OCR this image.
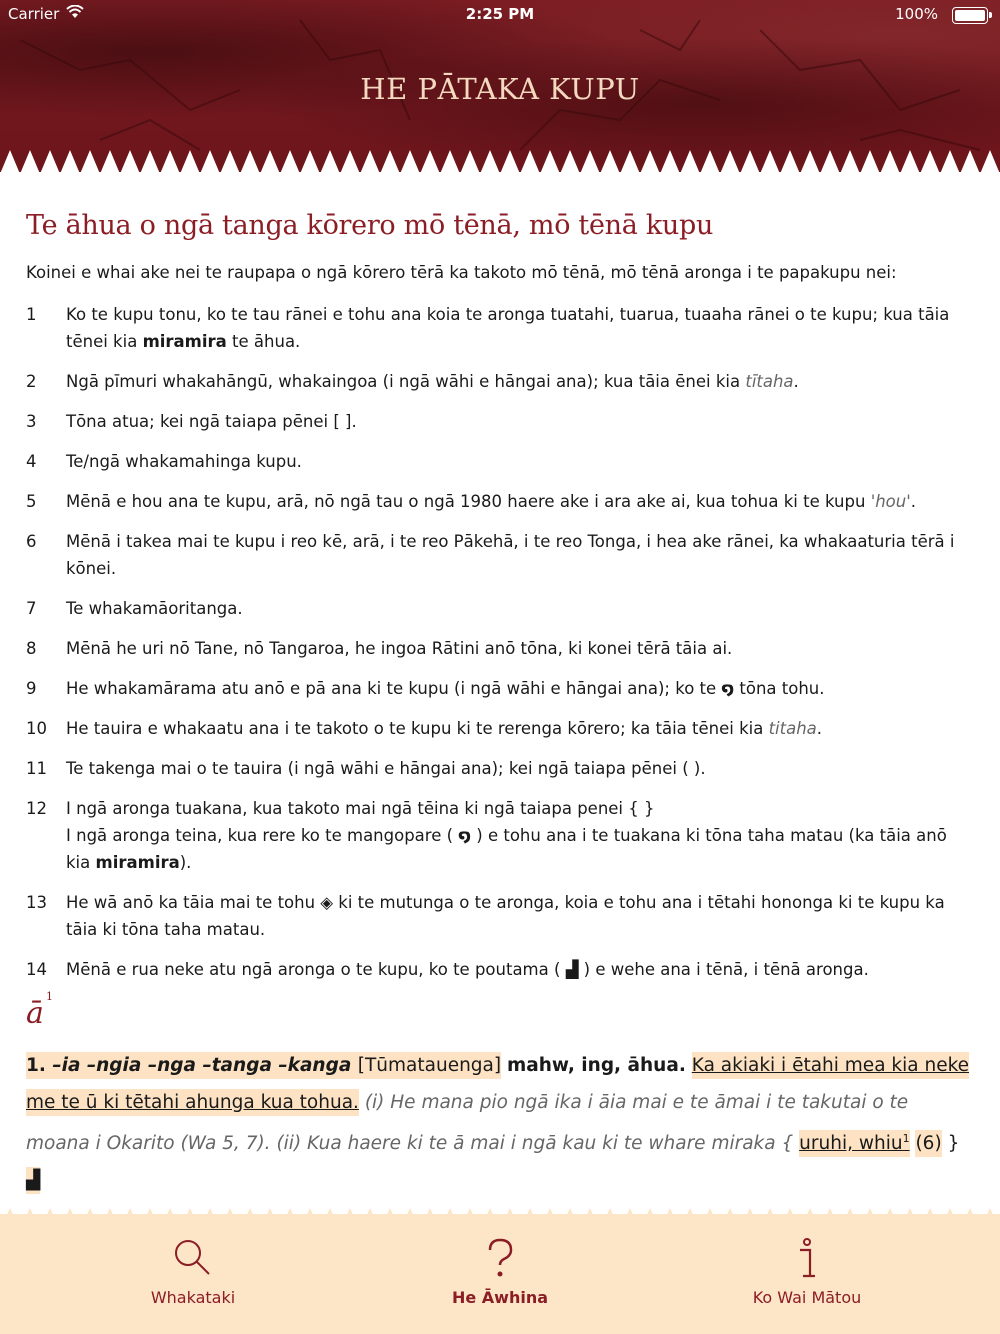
Carrier	2:25 PM	100%
HE PĀTAKA KUPU
Te āhua o ngā tanga kōrero mō tēnā, mō tēnā kupu

Koinei e whai ake nei te raupapa o ngā kōrero tērā ka takoto mō tēnā, mō tēnā aronga i te papakupu nei:

1 Ko te kupu tonu, ko te tau rānei e tohu ana koia te aronga tuatahi, tuarua, tuaaha rānei o te kupu; kua tāia tēnei kia miramira te āhua.
2 Ngā pīmuri whakahāngū, whakaingoa (i ngā wāhi e hāngai ana); kua tāia ēnei kia tītaha.
3 Tōna atua; kei ngā taiapa pēnei [ ].
4 Te/ngā whakamahinga kupu.
5 Mēnā e hou ana te kupu, arā, nō ngā tau o ngā 1980 haere ake i ara ake ai, kua tohua ki te kupu 'hou'.
6 Mēnā i takea mai te kupu i reo kē, arā, i te reo Pākehā, i te reo Tonga, i hea ake rānei, ka whakaaturia tērā i kōnei.
7 Te whakamāoritanga.
8 Mēnā he uri nō Tane, nō Tangaroa, he ingoa Rātini anō tōna, ki konei tērā tāia ai.
9 He whakamārama atu anō e pā ana ki te kupu (i ngā wāhi e hāngai ana); ko te ໑ tōna tohu.
10 He tauira e whakaatu ana i te takoto o te kupu ki te rerenga kōrero; ka tāia tēnei kia titaha.
11 Te takenga mai o te tauira (i ngā wāhi e hāngai ana); kei ngā taiapa pēnei ( ).
12 I ngā aronga tuakana, kua takoto mai ngā tēina ki ngā taiapa penei { }
I ngā aronga teina, kua rere ko te mangopare ( ໑ ) e tohu ana i te tuakana ki tōna taha matau (ka tāia anō kia miramira).
13 He wā anō ka tāia mai te tohu ◈ ki te mutunga o te aronga, koia e tohu ana i tētahi hononga ki te kupu ka tāia ki tōna taha matau.
14 Mēnā e rua neke atu ngā aronga o te kupu, ko te poutama ( ▟ ) e wehe ana i tēnā, i tēnā aronga.
ā 1
1. –ia –ngia –nga –tanga –kanga [Tūmatauenga] mahw, ing, āhua. Ka akiaki i ētahi mea kia neke me te ū ki tētahi ahunga kua tohua. (i) He mana pio ngā ika i āia mai e te āmai i te takutai o te moana i Okarito (Wa 5, 7). (ii) Kua haere ki te ā mai i ngā kau ki te whare miraka { uruhi, whiu$^1$ (6) } ▟
Whakataki	He Āwhina	Ko Wai Mātou
